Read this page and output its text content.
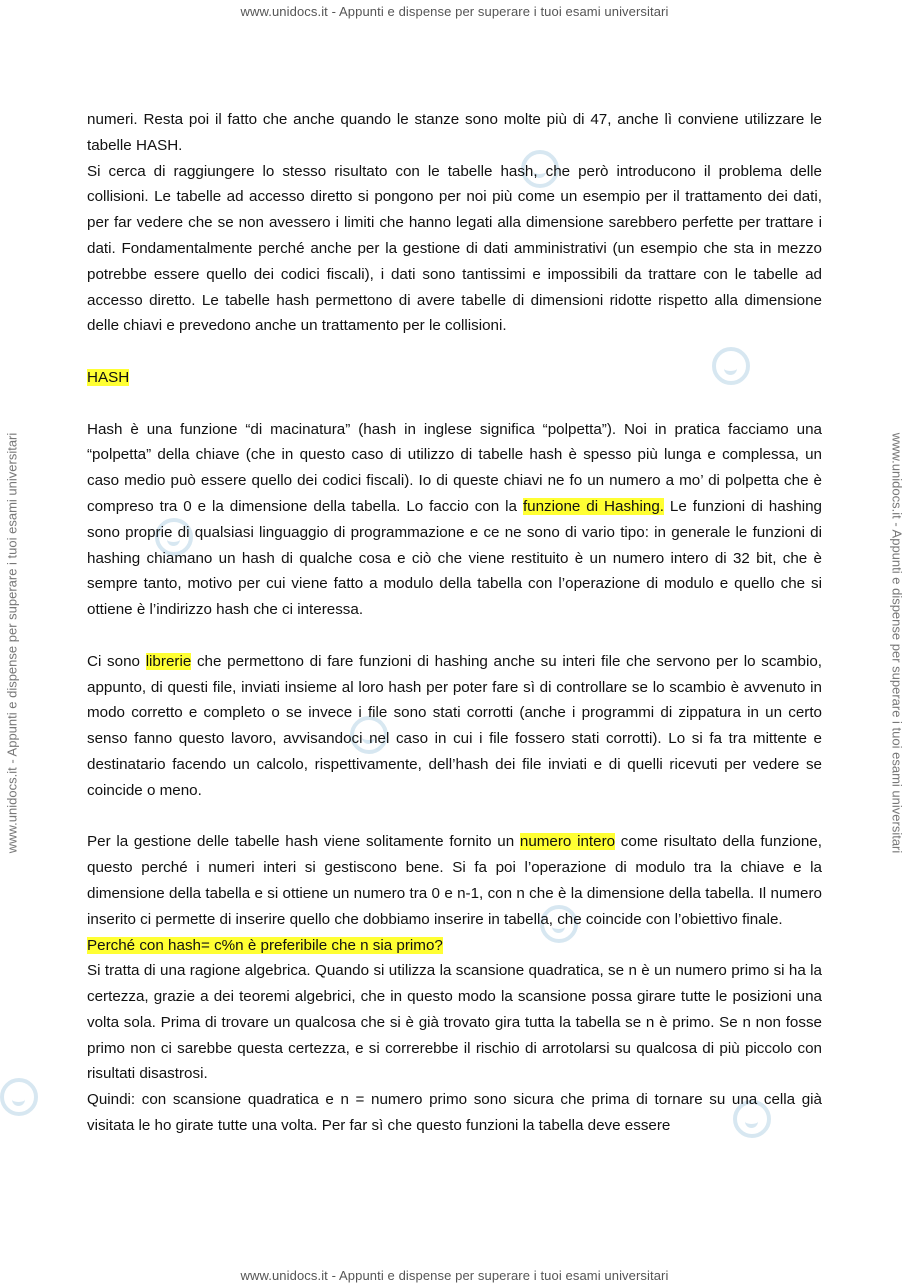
www.unidocs.it - Appunti e dispense per superare i tuoi esami universitari
www.unidocs.it - Appunti e dispense per superare i tuoi esami universitari	www.unidocs.it - Appunti e dispense per superare i tuoi esami universitari

numeri. Resta poi il fatto che anche quando le stanze sono molte più di 47, anche lì conviene utilizzare le tabelle HASH.

Si cerca di raggiungere lo stesso risultato con le tabelle hash, che però introducono il problema delle collisioni. Le tabelle ad accesso diretto si pongono per noi più come un esempio per il trattamento dei dati, per far vedere che se non avessero i limiti che hanno legati alla dimensione sarebbero perfette per trattare i dati. Fondamentalmente perché anche per la gestione di dati amministrativi (un esempio che sta in mezzo potrebbe essere quello dei codici fiscali), i dati sono tantissimi e impossibili da trattare con le tabelle ad accesso diretto. Le tabelle hash permettono di avere tabelle di dimensioni ridotte rispetto alla dimensione delle chiavi e prevedono anche un trattamento per le collisioni.

HASH

Hash è una funzione “di macinatura” (hash in inglese significa “polpetta”). Noi in pratica facciamo una “polpetta” della chiave (che in questo caso di utilizzo di tabelle hash è spesso più lunga e complessa, un caso medio può essere quello dei codici fiscali). Io di queste chiavi ne fo un numero a mo’ di polpetta che è compreso tra 0 e la dimensione della tabella. Lo faccio con la funzione di Hashing. Le funzioni di hashing sono proprie di qualsiasi linguaggio di programmazione e ce ne sono di vario tipo: in generale le funzioni di hashing chiamano un hash di qualche cosa e ciò che viene restituito è un numero intero di 32 bit, che è sempre tanto, motivo per cui viene fatto a modulo della tabella con l’operazione di modulo e quello che si ottiene è l’indirizzo hash che ci interessa.

Ci sono librerie che permettono di fare funzioni di hashing anche su interi file che servono per lo scambio, appunto, di questi file, inviati insieme al loro hash per poter fare sì di controllare se lo scambio è avvenuto in modo corretto e completo o se invece i file sono stati corrotti (anche i programmi di zippatura in un certo senso fanno questo lavoro, avvisandoci nel caso in cui i file fossero stati corrotti). Lo si fa tra mittente e destinatario facendo un calcolo, rispettivamente, dell’hash dei file inviati e di quelli ricevuti per vedere se coincide o meno.

Per la gestione delle tabelle hash viene solitamente fornito un numero intero come risultato della funzione, questo perché i numeri interi si gestiscono bene. Si fa poi l’operazione di modulo tra la chiave e la dimensione della tabella e si ottiene un numero tra 0 e n-1, con n che è la dimensione della tabella. Il numero inserito ci permette di inserire quello che dobbiamo inserire in tabella, che coincide con l’obiettivo finale.

Perché con hash= c%n è preferibile che n sia primo?

Si tratta di una ragione algebrica. Quando si utilizza la scansione quadratica, se n è un numero primo si ha la certezza, grazie a dei teoremi algebrici, che in questo modo la scansione possa girare tutte le posizioni una volta sola. Prima di trovare un qualcosa che si è già trovato gira tutta la tabella se n è primo. Se n non fosse primo non ci sarebbe questa certezza, e si correrebbe il rischio di arrotolarsi su qualcosa di più piccolo con risultati disastrosi.

Quindi: con scansione quadratica e n = numero primo sono sicura che prima di tornare su una cella già visitata le ho girate tutte una volta. Per far sì che questo funzioni la tabella deve essere

www.unidocs.it - Appunti e dispense per superare i tuoi esami universitari
